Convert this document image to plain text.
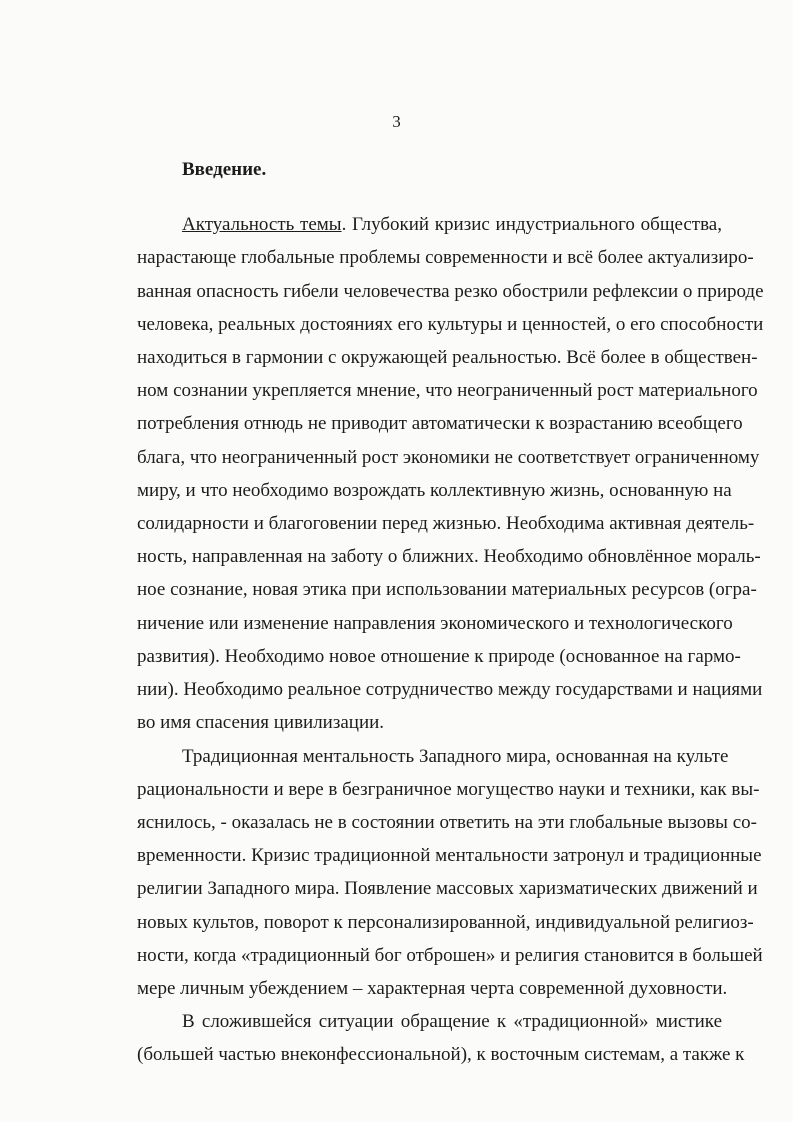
3
Введение.
Актуальность темы. Глубокий кризис индустриального общества,
нарастающе глобальные проблемы современности и всё более актуализиро-
ванная опасность гибели человечества резко обострили рефлексии о природе
человека, реальных достояниях его культуры и ценностей, о его способности
находиться в гармонии с окружающей реальностью. Всё более в обществен-
ном сознании укрепляется мнение, что неограниченный рост материального
потребления отнюдь не приводит автоматически к возрастанию всеобщего
блага, что неограниченный рост экономики не соответствует ограниченному
миру, и что необходимо возрождать коллективную жизнь, основанную на
солидарности и благоговении перед жизнью. Необходима активная деятель-
ность, направленная на заботу о ближних. Необходимо обновлённое мораль-
ное сознание, новая этика при использовании материальных ресурсов (огра-
ничение или изменение направления экономического и технологического
развития). Необходимо новое отношение к природе (основанное на гармо-
нии). Необходимо реальное сотрудничество между государствами и нациями
во имя спасения цивилизации.
Традиционная ментальность Западного мира, основанная на культе
рациональности и вере в безграничное могущество науки и техники, как вы-
яснилось, - оказалась не в состоянии ответить на эти глобальные вызовы со-
временности. Кризис традиционной ментальности затронул и традиционные
религии Западного мира. Появление массовых харизматических движений и
новых культов, поворот к персонализированной, индивидуальной религиоз-
ности, когда «традиционный бог отброшен» и религия становится в большей
мере личным убеждением – характерная черта современной духовности.
В сложившейся ситуации обращение к «традиционной» мистике
(большей частью внеконфессиональной), к восточным системам, а также к
